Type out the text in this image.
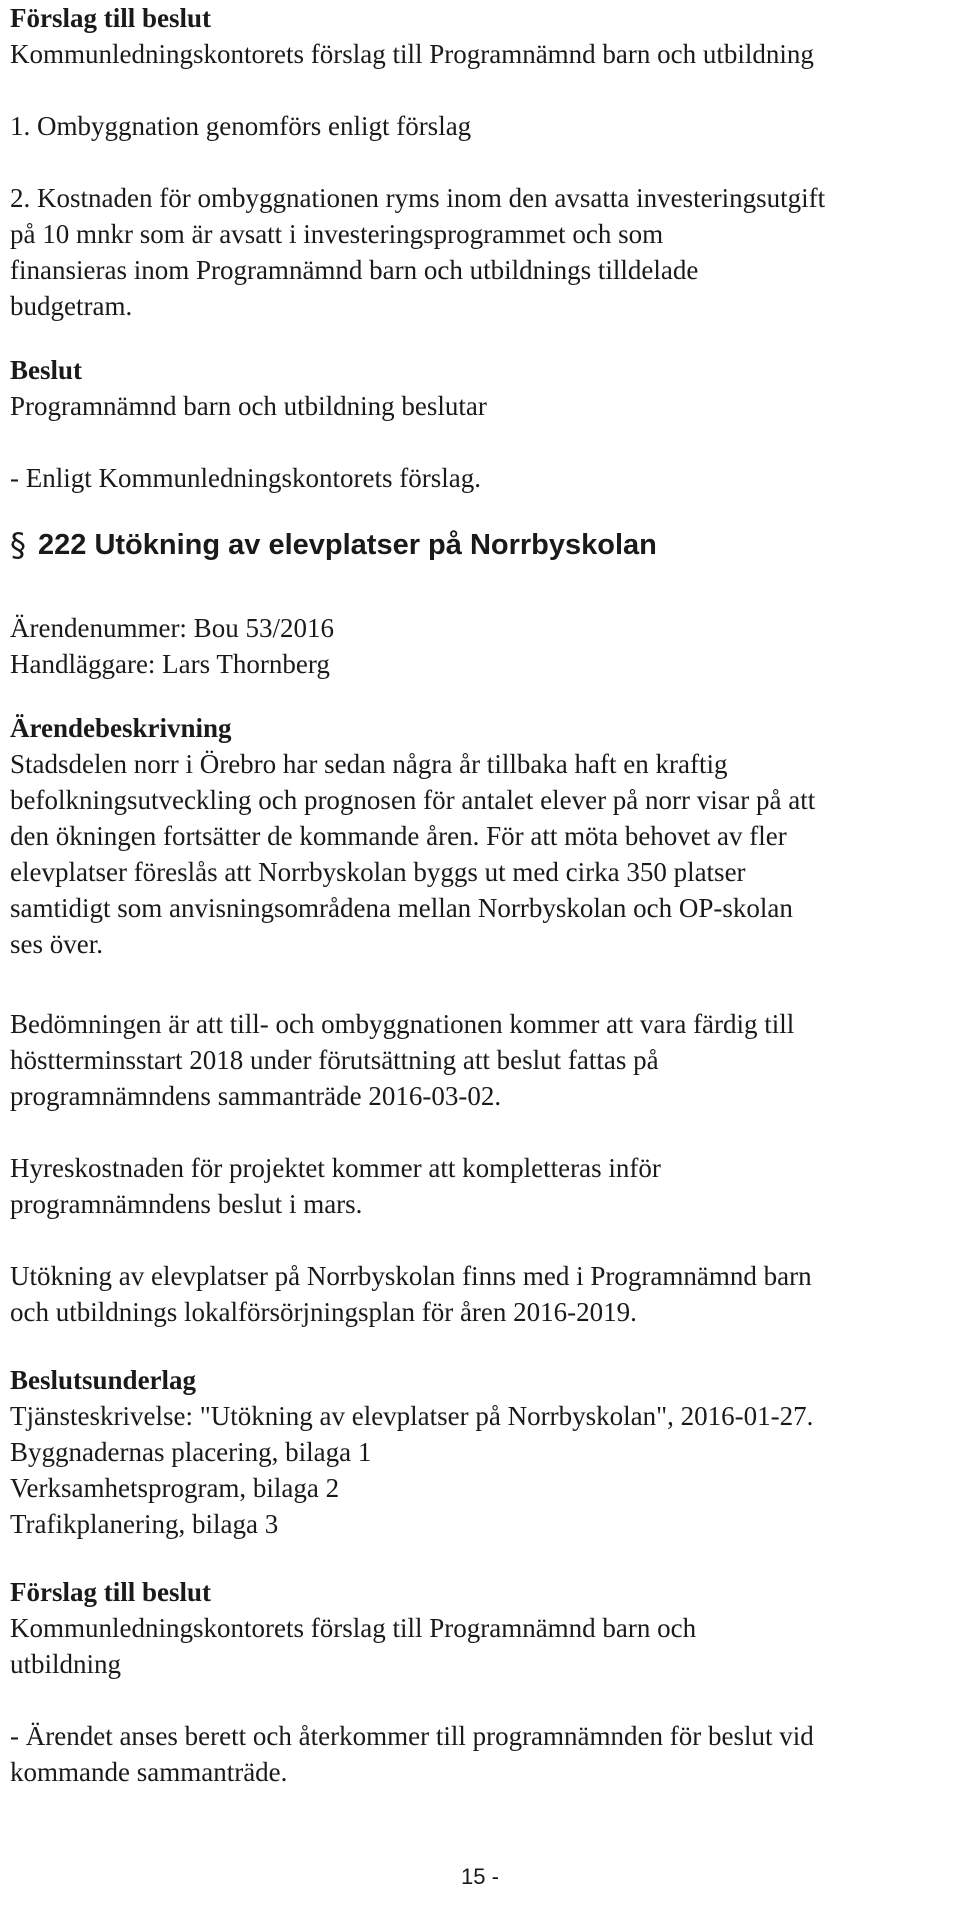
Förslag till beslut
Kommunledningskontorets förslag till Programnämnd barn och utbildning
1. Ombyggnation genomförs enligt förslag
2. Kostnaden för ombyggnationen ryms inom den avsatta investeringsutgift
på 10 mnkr som är avsatt i investeringsprogrammet och som
finansieras inom Programnämnd barn och utbildnings tilldelade
budgetram.
Beslut
Programnämnd barn och utbildning beslutar
- Enligt Kommunledningskontorets förslag.
§ 222 Utökning av elevplatser på Norrbyskolan
Ärendenummer: Bou 53/2016
Handläggare: Lars Thornberg
Ärendebeskrivning
Stadsdelen norr i Örebro har sedan några år tillbaka haft en kraftig
befolkningsutveckling och prognosen för antalet elever på norr visar på att
den ökningen fortsätter de kommande åren. För att möta behovet av fler
elevplatser föreslås att Norrbyskolan byggs ut med cirka 350 platser
samtidigt som anvisningsområdena mellan Norrbyskolan och OP-skolan
ses över.
Bedömningen är att till- och ombyggnationen kommer att vara färdig till
höstterminsstart 2018 under förutsättning att beslut fattas på
programnämndens sammanträde 2016-03-02.
Hyreskostnaden för projektet kommer att kompletteras inför
programnämndens beslut i mars.
Utökning av elevplatser på Norrbyskolan finns med i Programnämnd barn
och utbildnings lokalförsörjningsplan för åren 2016-2019.
Beslutsunderlag
Tjänsteskrivelse: "Utökning av elevplatser på Norrbyskolan", 2016-01-27.
Byggnadernas placering, bilaga 1
Verksamhetsprogram, bilaga 2
Trafikplanering, bilaga 3
Förslag till beslut
Kommunledningskontorets förslag till Programnämnd barn och
utbildning
- Ärendet anses berett och återkommer till programnämnden för beslut vid
kommande sammanträde.
15 -
